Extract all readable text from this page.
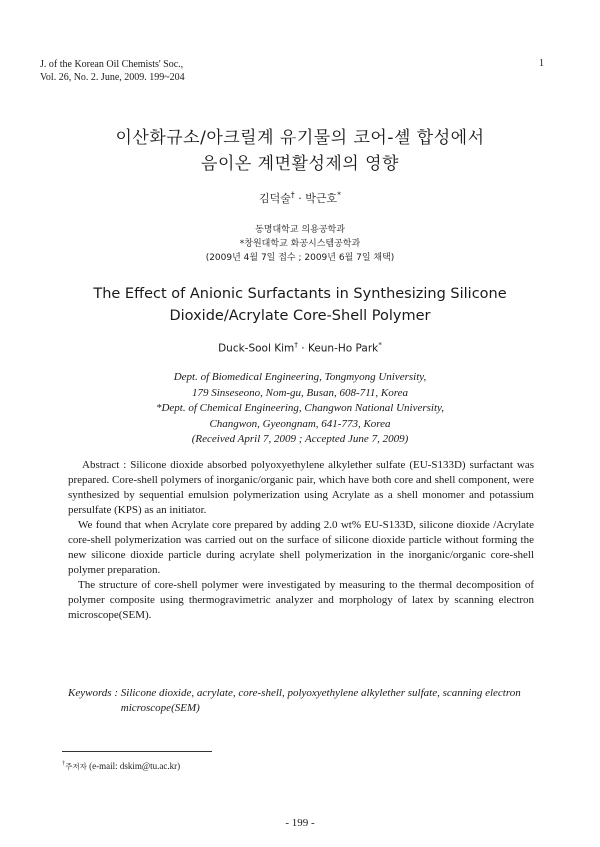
J. of the Korean Oil Chemists' Soc.,
Vol. 26, No. 2. June, 2009. 199~204
1
이산화규소/아크릴계 유기물의 코어-셸 합성에서
음이온 계면활성제의 영향
김덕술† · 박근호*
동명대학교 의용공학과
*창원대학교 화공시스템공학과
(2009년 4월 7일 접수 ; 2009년 6월 7일 채택)
The Effect of Anionic Surfactants in Synthesizing Silicone
Dioxide/Acrylate Core-Shell Polymer
Duck-Sool Kim† · Keun-Ho Park*
Dept. of Biomedical Engineering, Tongmyong University,
179 Sinseseono, Nom-gu, Busan, 608-711, Korea
*Dept. of Chemical Engineering, Changwon National University,
Changwon, Gyeongnam, 641-773, Korea
(Received April 7, 2009 ; Accepted June 7, 2009)

Abstract : Silicone dioxide absorbed polyoxyethylene alkylether sulfate (EU-S133D) surfactant was prepared. Core-shell polymers of inorganic/organic pair, which have both core and shell component, were synthesized by sequential emulsion polymerization using Acrylate as a shell monomer and potassium persulfate (KPS) as an initiator.

We found that when Acrylate core prepared by adding 2.0 wt% EU-S133D, silicone dioxide /Acrylate core-shell polymerization was carried out on the surface of silicone dioxide particle without forming the new silicone dioxide particle during acrylate shell polymerization in the inorganic/organic core-shell polymer preparation.

The structure of core-shell polymer were investigated by measuring to the thermal decomposition of polymer composite using thermogravimetric analyzer and morphology of latex by scanning electron microscope(SEM).

Keywords : Silicone dioxide, acrylate, core-shell, polyoxyethylene alkylether sulfate, scanning electron microscope(SEM)
†주저자 (e-mail: dskim@tu.ac.kr)
- 199 -
